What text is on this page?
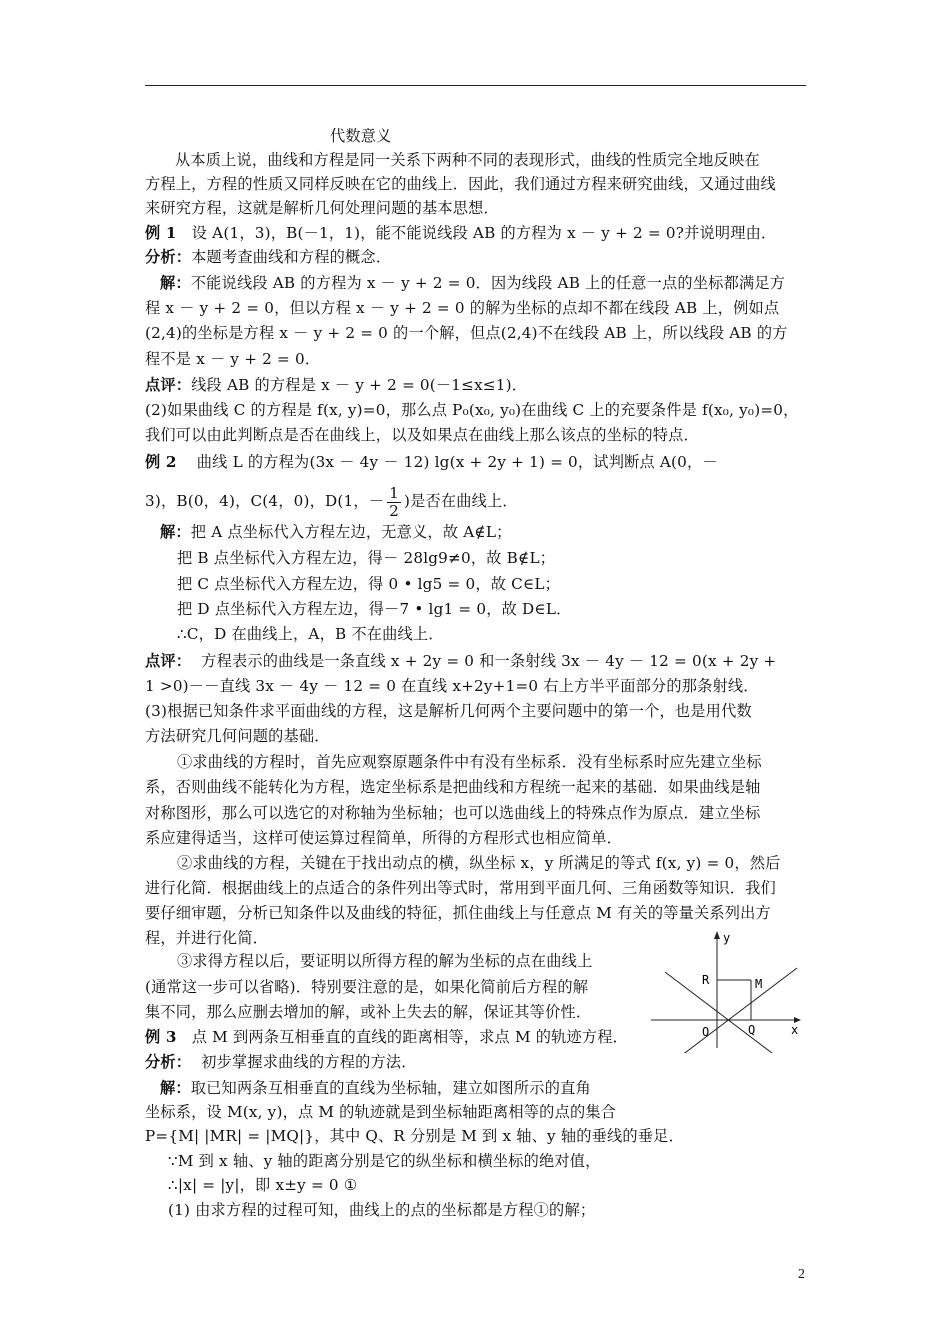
代数意义
从本质上说，曲线和方程是同一关系下两种不同的表现形式，曲线的性质完全地反映在
方程上，方程的性质又同样反映在它的曲线上．因此，我们通过方程来研究曲线，又通过曲线
来研究方程，这就是解析几何处理问题的基本思想．
例 1 设 A(1，3)，B(－1，1)，能不能说线段 AB 的方程为 x － y + 2 = 0?并说明理由．
分析：本题考查曲线和方程的概念．
解：不能说线段 AB 的方程为 x － y + 2 = 0．因为线段 AB 上的任意一点的坐标都满足方
程 x － y + 2 = 0，但以方程 x － y + 2 = 0 的解为坐标的点却不都在线段 AB 上，例如点
(2,4)的坐标是方程 x － y + 2 = 0 的一个解，但点(2,4)不在线段 AB 上，所以线段 AB 的方
程不是 x － y + 2 = 0．
点评：线段 AB 的方程是 x － y + 2 = 0(－1≤x≤1)．
(2)如果曲线 C 的方程是 f(x, y)=0，那么点 P₀(x₀, y₀)在曲线 C 上的充要条件是 f(x₀, y₀)=0，
我们可以由此判断点是否在曲线上，以及如果点在曲线上那么该点的坐标的特点．
例 2 曲线 L 的方程为(3x － 4y － 12) lg(x + 2y + 1) = 0，试判断点 A(0，－
3)，B(0，4)，C(4，0)，D(1，－ $\frac{1}{2}$ )是否在曲线上．
解：把 A 点坐标代入方程左边，无意义，故 A∉L；
把 B 点坐标代入方程左边，得－ 28lg9≠0，故 B∉L；
把 C 点坐标代入方程左边，得 0 • lg5 = 0，故 C∈L；
把 D 点坐标代入方程左边，得－7 • lg1 = 0，故 D∈L．
∴C，D 在曲线上，A，B 不在曲线上．
点评： 方程表示的曲线是一条直线 x + 2y = 0 和一条射线 3x － 4y － 12 = 0(x + 2y +
1 >0)－－直线 3x － 4y － 12 = 0 在直线 x+2y+1=0 右上方半平面部分的那条射线．
(3)根据已知条件求平面曲线的方程，这是解析几何两个主要问题中的第一个，也是用代数
方法研究几何问题的基础．
①求曲线的方程时，首先应观察原题条件中有没有坐标系．没有坐标系时应先建立坐标
系，否则曲线不能转化为方程，选定坐标系是把曲线和方程统一起来的基础．如果曲线是轴
对称图形，那么可以选它的对称轴为坐标轴；也可以选曲线上的特殊点作为原点．建立坐标
系应建得适当，这样可使运算过程简单，所得的方程形式也相应简单．
②求曲线的方程，关键在于找出动点的横，纵坐标 x，y 所满足的等式 f(x, y) = 0，然后
进行化简．根据曲线上的点适合的条件列出等式时，常用到平面几何、三角函数等知识．我们
要仔细审题，分析已知条件以及曲线的特征，抓住曲线上与任意点 M 有关的等量关系列出方
程，并进行化简．
③求得方程以后，要证明以所得方程的解为坐标的点在曲线上
(通常这一步可以省略)．特别要注意的是，如果化简前后方程的解
集不同，那么应删去增加的解，或补上失去的解，保证其等价性．
例 3 点 M 到两条互相垂直的直线的距离相等，求点 M 的轨迹方程．
分析： 初步掌握求曲线的方程的方法．
解：取已知两条互相垂直的直线为坐标轴，建立如图所示的直角
坐标系，设 M(x, y)，点 M 的轨迹就是到坐标轴距离相等的点的集合
P={M| |MR| = |MQ|}，其中 Q、R 分别是 M 到 x 轴、y 轴的垂线的垂足．
∵M 到 x 轴、y 轴的距离分别是它的纵坐标和横坐标的绝对值，
∴|x| = |y|，即 x±y = 0 ①
(1) 由求方程的过程可知，曲线上的点的坐标都是方程①的解；
y
x
R	M
O	Q
2
